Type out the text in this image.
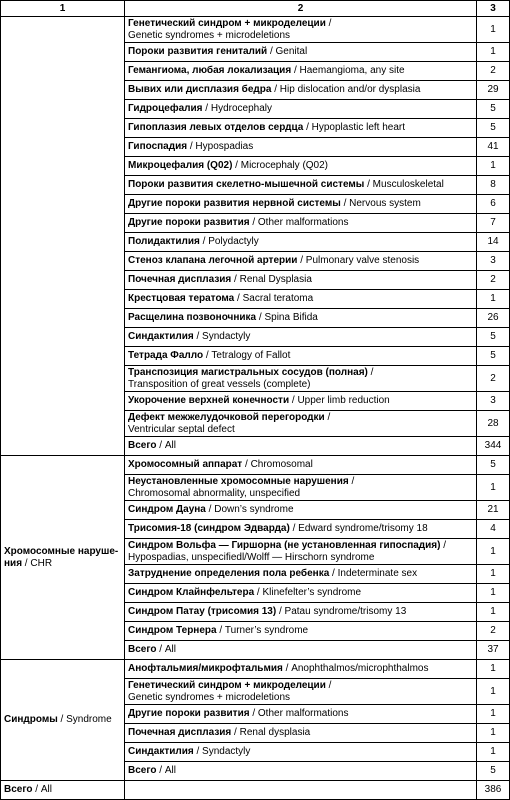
1	2	3
	Генетический синдром + микроделеции /
Genetic syndromes + microdeletions	1
	Пороки развития гениталий / Genital	1
	Гемангиома, любая локализация / Haemangioma, any site	2
	Вывих или дисплазия бедра / Hip dislocation and/or dysplasia	29
	Гидроцефалия / Hydrocephaly	5
	Гипоплазия левых отделов сердца / Hypoplastic left heart	5
	Гипоспадия / Hypospadias	41
	Микроцефалия (Q02) / Microcephaly (Q02)	1
	Пороки развития скелетно-мышечной системы / Musculoskeletal	8
	Другие пороки развития нервной системы / Nervous system	6
	Другие пороки развития / Other malformations	7
	Полидактилия / Polydactyly	14
	Стеноз клапана легочной артерии / Pulmonary valve stenosis	3
	Почечная дисплазия / Renal Dysplasia	2
	Крестцовая тератома / Sacral teratoma	1
	Расщелина позвоночника / Spina Bifida	26
	Синдактилия / Syndactyly	5
	Тетрада Фалло / Tetralogy of Fallot	5
	Транспозиция магистральных сосудов (полная) /
Transposition of great vessels (complete)	2
	Укорочение верхней конечности / Upper limb reduction	3
	Дефект межжелудочковой перегородки /
Ventricular septal defect	28
	Всего / All	344
Хромосомные наруше-ния / CHR	Хромосомный аппарат / Chromosomal	5
	Неустановленные хромосомные нарушения /
Chromosomal abnormality, unspecified	1
	Синдром Дауна / Down’s syndrome	21
	Трисомия-18 (синдром Эдварда) / Edward syndrome/trisomy 18	4
	Синдром Вольфа — Гиршорна (не установленная гипоспадия) /
Hypospadias, unspecifiedl/Wolff — Hirschorn syndrome	1
	Затруднение определения пола ребенка / Indeterminate sex	1
	Синдром Клайнфельтера / Klinefelter’s syndrome	1
	Синдром Патау (трисомия 13) / Patau syndrome/trisomy 13	1
	Синдром Тернера / Turner’s syndrome	2
	Всего / All	37
Синдромы / Syndrome	Анофтальмия/микрофтальмия / Anophthalmos/microphthalmos	1
	Генетический синдром + микроделеции /
Genetic syndromes + microdeletions	1
	Другие пороки развития / Other malformations	1
	Почечная дисплазия / Renal dysplasia	1
	Синдактилия / Syndactyly	1
	Всего / All	5
Всего / All		386
